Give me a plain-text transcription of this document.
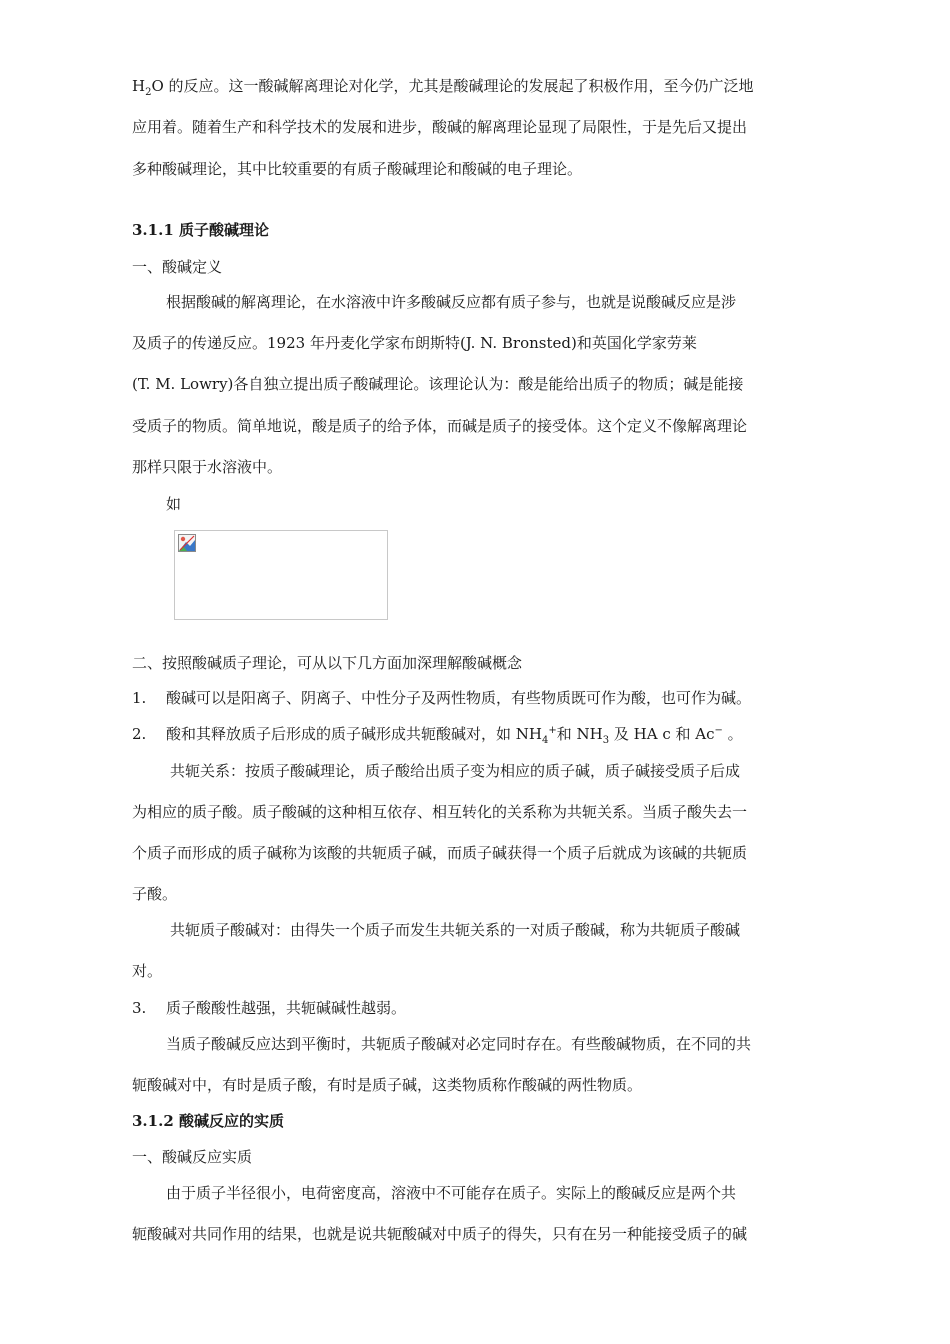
$H_2O$ 的反应。这一酸碱解离理论对化学，尤其是酸碱理论的发展起了积极作用，至今仍广泛地
应用着。随着生产和科学技术的发展和进步，酸碱的解离理论显现了局限性，于是先后又提出
多种酸碱理论，其中比较重要的有质子酸碱理论和酸碱的电子理论。
3.1.1 质子酸碱理论
一、酸碱定义
根据酸碱的解离理论，在水溶液中许多酸碱反应都有质子参与，也就是说酸碱反应是涉
及质子的传递反应。1923 年丹麦化学家布朗斯特(J. N. Bronsted)和英国化学家劳莱
(T. M. Lowry)各自独立提出质子酸碱理论。该理论认为：酸是能给出质子的物质；碱是能接
受质子的物质。简单地说，酸是质子的给予体，而碱是质子的接受体。这个定义不像解离理论
那样只限于水溶液中。
如
二、按照酸碱质子理论，可从以下几方面加深理解酸碱概念
1. 酸碱可以是阳离子、阴离子、中性分子及两性物质，有些物质既可作为酸，也可作为碱。
2. 酸和其释放质子后形成的质子碱形成共轭酸碱对，如 $NH_4^+$和 $NH_3$ 及 HA c 和 Ac− 。
共轭关系：按质子酸碱理论，质子酸给出质子变为相应的质子碱，质子碱接受质子后成
为相应的质子酸。质子酸碱的这种相互依存、相互转化的关系称为共轭关系。当质子酸失去一
个质子而形成的质子碱称为该酸的共轭质子碱，而质子碱获得一个质子后就成为该碱的共轭质
子酸。
共轭质子酸碱对：由得失一个质子而发生共轭关系的一对质子酸碱，称为共轭质子酸碱
对。
3. 质子酸酸性越强，共轭碱碱性越弱。
当质子酸碱反应达到平衡时，共轭质子酸碱对必定同时存在。有些酸碱物质，在不同的共
轭酸碱对中，有时是质子酸，有时是质子碱，这类物质称作酸碱的两性物质。
3.1.2 酸碱反应的实质
一、酸碱反应实质
由于质子半径很小，电荷密度高，溶液中不可能存在质子。实际上的酸碱反应是两个共
轭酸碱对共同作用的结果，也就是说共轭酸碱对中质子的得失，只有在另一种能接受质子的碱
